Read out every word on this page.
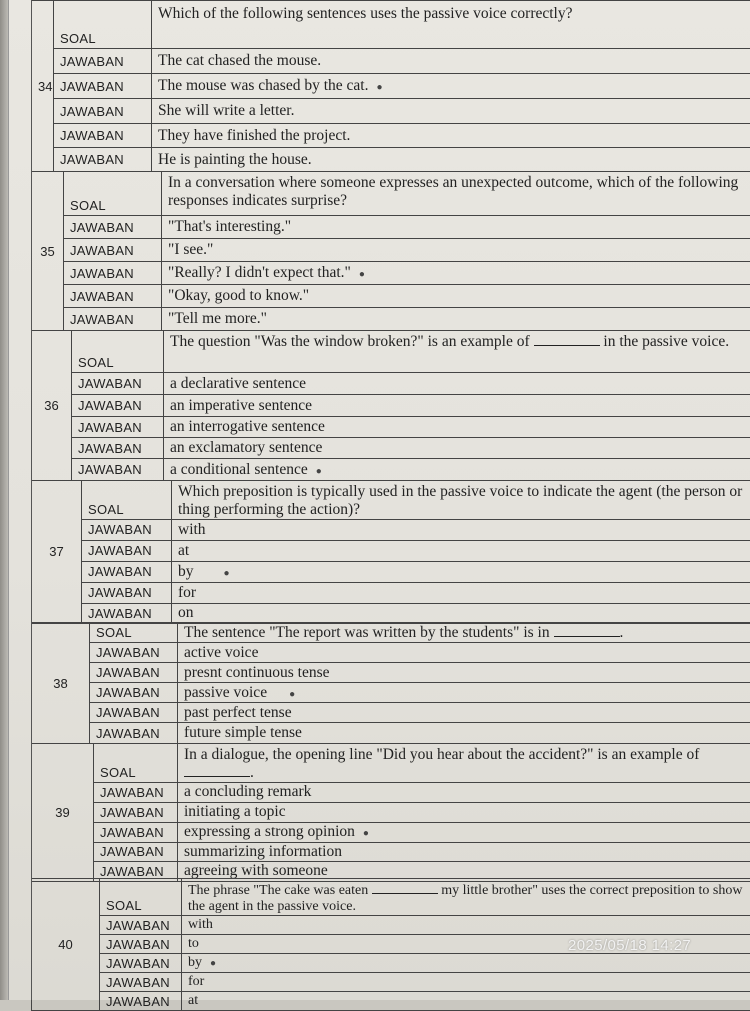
34	SOAL	Which of the following sentences uses the passive voice correctly?
	JAWABAN	The cat chased the mouse.
	JAWABAN	The mouse was chased by the cat. ●
	JAWABAN	She will write a letter.
	JAWABAN	They have finished the project.
	JAWABAN	He is painting the house.
35	SOAL	In a conversation where someone expresses an unexpected outcome, which of the following responses indicates surprise?
	JAWABAN	"That's interesting."
	JAWABAN	"I see."
	JAWABAN	"Really? I didn't expect that." ●
	JAWABAN	"Okay, good to know."
	JAWABAN	"Tell me more."
36	SOAL	The question "Was the window broken?" is an example of in the passive voice.
	JAWABAN	a declarative sentence
	JAWABAN	an imperative sentence
	JAWABAN	an interrogative sentence
	JAWABAN	an exclamatory sentence
	JAWABAN	a conditional sentence ●
37	SOAL	Which preposition is typically used in the passive voice to indicate the agent (the person or thing performing the action)?
	JAWABAN	with
	JAWABAN	at
	JAWABAN	by ●
	JAWABAN	for
	JAWABAN	on
38	SOAL	The sentence "The report was written by the students" is in .
	JAWABAN	active voice
	JAWABAN	presnt continuous tense
	JAWABAN	passive voice ●
	JAWABAN	past perfect tense
	JAWABAN	future simple tense
39	SOAL	In a dialogue, the opening line "Did you hear about the accident?" is an example of .
	JAWABAN	a concluding remark
	JAWABAN	initiating a topic
	JAWABAN	expressing a strong opinion ●
	JAWABAN	summarizing information
	JAWABAN	agreeing with someone
40	SOAL	The phrase "The cake was eaten my little brother" uses the correct preposition to show the agent in the passive voice.
	JAWABAN	with
	JAWABAN	to
	JAWABAN	by ●
	JAWABAN	for
	JAWABAN	at
2025/05/18 14:27
